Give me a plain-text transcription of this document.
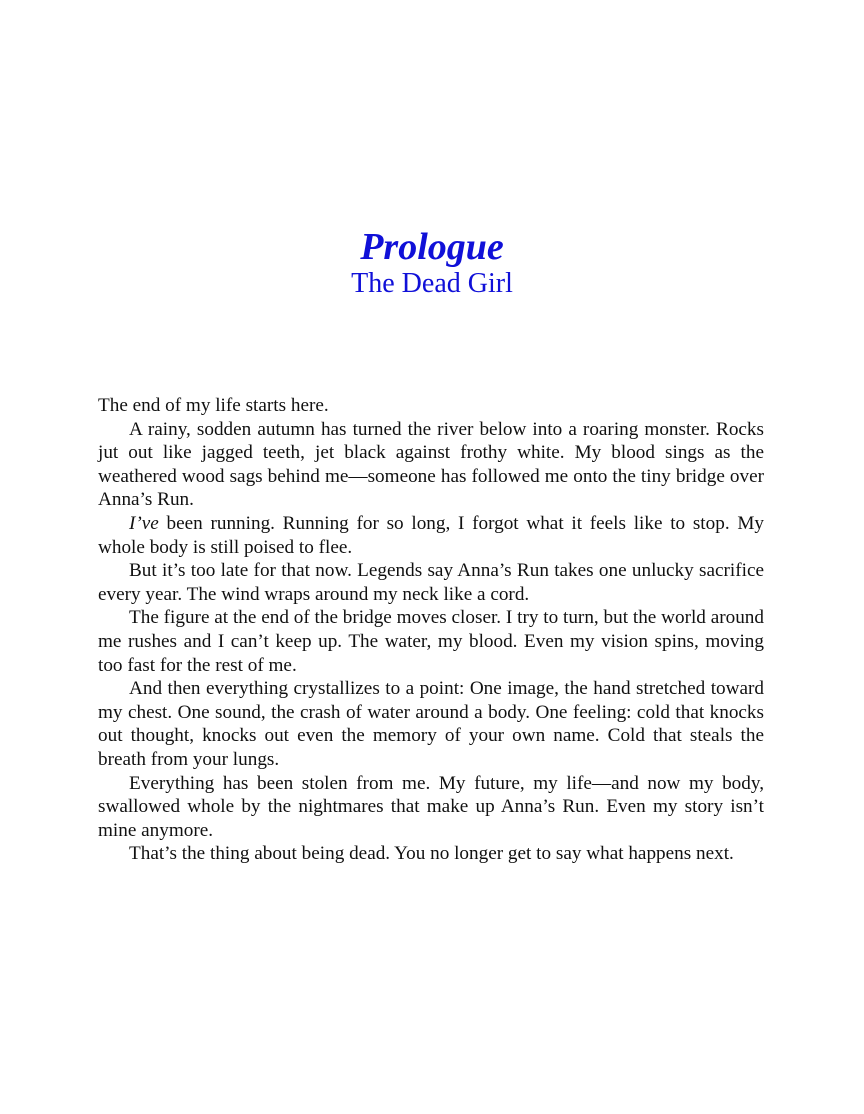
Prologue
The Dead Girl

The end of my life starts here.

A rainy, sodden autumn has turned the river below into a roaring monster. Rocks jut out like jagged teeth, jet black against frothy white. My blood sings as the weathered wood sags behind me—someone has followed me onto the tiny bridge over Anna’s Run.

I’ve been running. Running for so long, I forgot what it feels like to stop. My whole body is still poised to flee.

But it’s too late for that now. Legends say Anna’s Run takes one unlucky sacrifice every year. The wind wraps around my neck like a cord.

The figure at the end of the bridge moves closer. I try to turn, but the world around me rushes and I can’t keep up. The water, my blood. Even my vision spins, moving too fast for the rest of me.

And then everything crystallizes to a point: One image, the hand stretched toward my chest. One sound, the crash of water around a body. One feeling: cold that knocks out thought, knocks out even the memory of your own name. Cold that steals the breath from your lungs.

Everything has been stolen from me. My future, my life—and now my body, swallowed whole by the nightmares that make up Anna’s Run. Even my story isn’t mine anymore.

That’s the thing about being dead. You no longer get to say what happens next.
